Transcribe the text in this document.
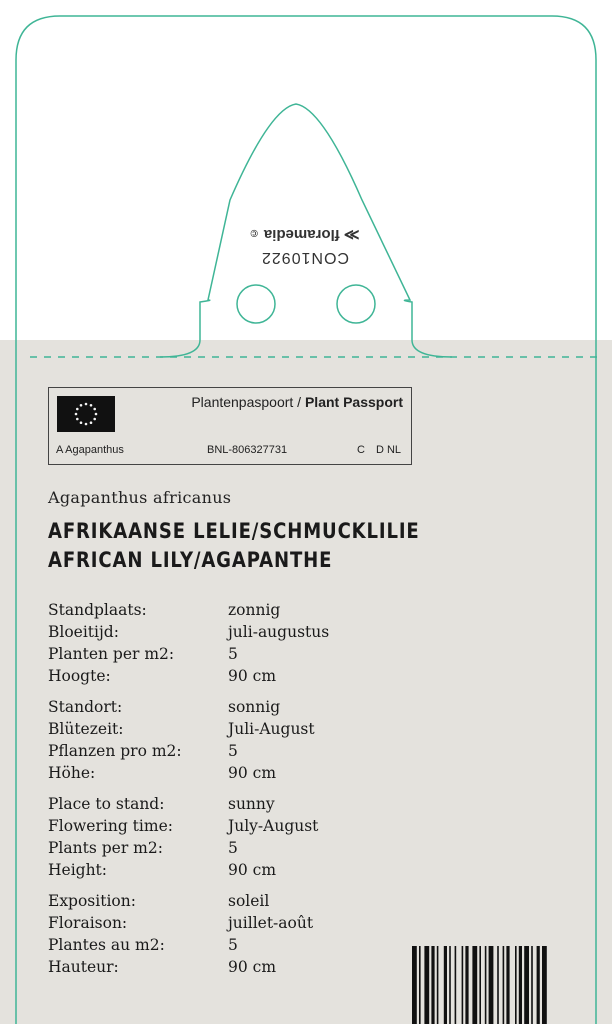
CON10922
≫floramedia©
Plantenpaspoort / Plant Passport
A Agapanthus	BNL-806327731	C D NL
Agapanthus africanus
AFRIKAANSE LELIE/SCHMUCKLILIE
AFRICAN LILY/AGAPANTHE
Standplaats:	zonnig
Bloeitijd:	juli-augustus
Planten per m2:	5
Hoogte:	90 cm
Standort:	sonnig
Blütezeit:	Juli-August
Pflanzen pro m2:	5
Höhe:	90 cm
Place to stand:	sunny
Flowering time:	July-August
Plants per m2:	5
Height:	90 cm
Exposition:	soleil
Floraison:	juillet-août
Plantes au m2:	5
Hauteur:	90 cm
